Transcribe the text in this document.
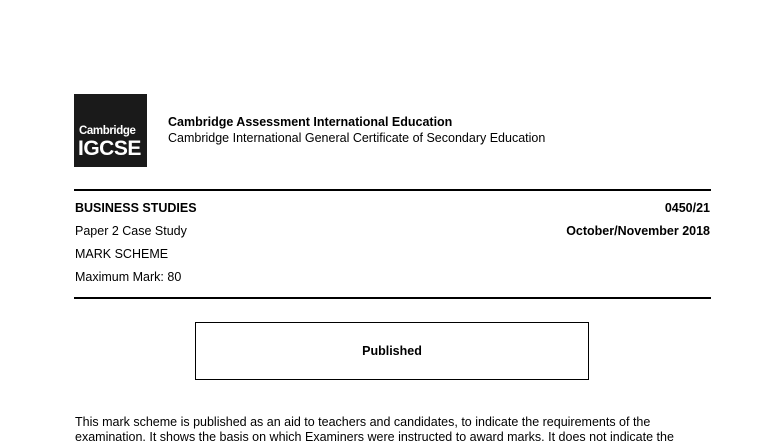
Cambridge
IGCSE
Cambridge Assessment International Education
Cambridge International General Certificate of Secondary Education
BUSINESS STUDIES
Paper 2 Case Study
MARK SCHEME
Maximum Mark: 80
0450/21
October/November 2018
Published
This mark scheme is published as an aid to teachers and candidates, to indicate the requirements of the
examination. It shows the basis on which Examiners were instructed to award marks. It does not indicate the
